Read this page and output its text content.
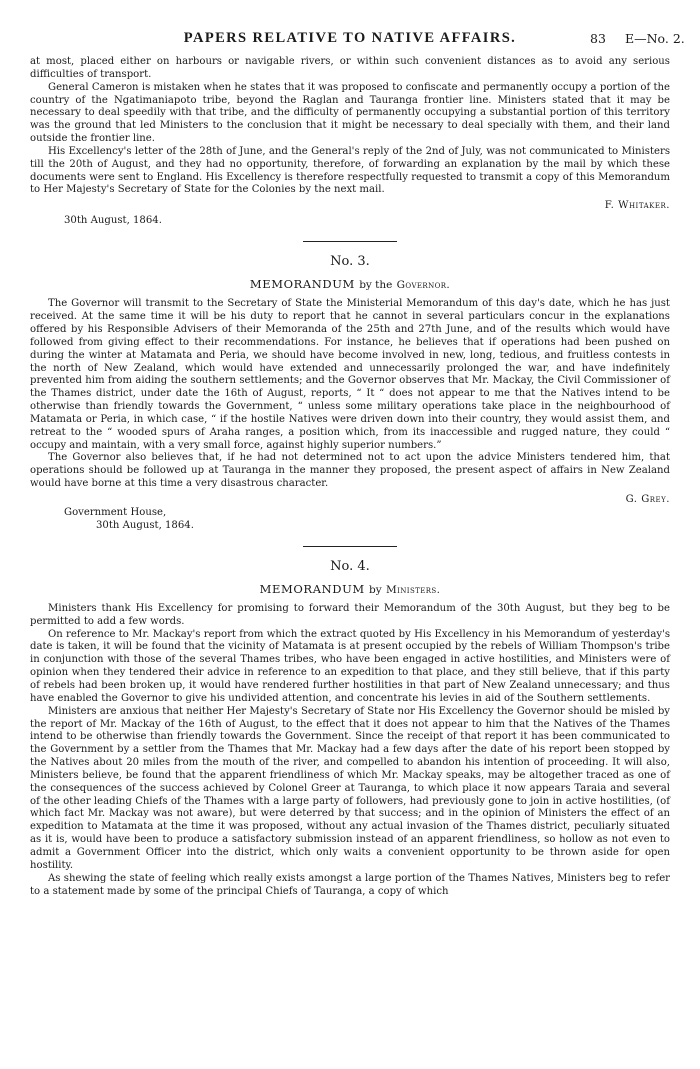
PAPERS RELATIVE TO NATIVE AFFAIRS.	83 E—No. 2.

at most, placed either on harbours or navigable rivers, or within such convenient distances as to avoid any serious difficulties of transport.

General Cameron is mistaken when he states that it was proposed to confiscate and permanently occupy a portion of the country of the Ngatimaniapoto tribe, beyond the Raglan and Tauranga frontier line. Ministers stated that it may be necessary to deal speedily with that tribe, and the difficulty of permanently occupying a substantial portion of this territory was the ground that led Ministers to the conclusion that it might be necessary to deal specially with them, and their land outside the frontier line.

His Excellency's letter of the 28th of June, and the General's reply of the 2nd of July, was not communicated to Ministers till the 20th of August, and they had no opportunity, therefore, of forwarding an explanation by the mail by which these documents were sent to England. His Excellency is therefore respectfully requested to transmit a copy of this Memorandum to Her Majesty's Secretary of State for the Colonies by the next mail.

F. Whitaker.
30th August, 1864.
No. 3.
MEMORANDUM by the Governor.

The Governor will transmit to the Secretary of State the Ministerial Memorandum of this day's date, which he has just received. At the same time it will be his duty to report that he cannot in several particulars concur in the explanations offered by his Responsible Advisers of their Memoranda of the 25th and 27th June, and of the results which would have followed from giving effect to their recommendations. For instance, he believes that if operations had been pushed on during the winter at Matamata and Peria, we should have become involved in new, long, tedious, and fruitless contests in the north of New Zealand, which would have extended and unnecessarily prolonged the war, and have indefinitely prevented him from aiding the southern settlements; and the Governor observes that Mr. Mackay, the Civil Commissioner of the Thames district, under date the 16th of August, reports, “ It “ does not appear to me that the Natives intend to be otherwise than friendly towards the Government, “ unless some military operations take place in the neighbourhood of Matamata or Peria, in which case, “ if the hostile Natives were driven down into their country, they would assist them, and retreat to the “ wooded spurs of Araha ranges, a position which, from its inaccessible and rugged nature, they could “ occupy and maintain, with a very small force, against highly superior numbers.”

The Governor also believes that, if he had not determined not to act upon the advice Ministers tendered him, that operations should be followed up at Tauranga in the manner they proposed, the present aspect of affairs in New Zealand would have borne at this time a very disastrous character.

G. Grey.
Government House,
30th August, 1864.
No. 4.
MEMORANDUM by Ministers.

Ministers thank His Excellency for promising to forward their Memorandum of the 30th August, but they beg to be permitted to add a few words.

On reference to Mr. Mackay's report from which the extract quoted by His Excellency in his Memorandum of yesterday's date is taken, it will be found that the vicinity of Matamata is at present occupied by the rebels of William Thompson's tribe in conjunction with those of the several Thames tribes, who have been engaged in active hostilities, and Ministers were of opinion when they tendered their advice in reference to an expedition to that place, and they still believe, that if this party of rebels had been broken up, it would have rendered further hostilities in that part of New Zealand unnecessary; and thus have enabled the Governor to give his undivided attention, and concentrate his levies in aid of the Southern settlements.

Ministers are anxious that neither Her Majesty's Secretary of State nor His Excellency the Governor should be misled by the report of Mr. Mackay of the 16th of August, to the effect that it does not appear to him that the Natives of the Thames intend to be otherwise than friendly towards the Government. Since the receipt of that report it has been communicated to the Government by a settler from the Thames that Mr. Mackay had a few days after the date of his report been stopped by the Natives about 20 miles from the mouth of the river, and compelled to abandon his intention of proceeding. It will also, Ministers believe, be found that the apparent friendliness of which Mr. Mackay speaks, may be altogether traced as one of the consequences of the success achieved by Colonel Greer at Tauranga, to which place it now appears Taraia and several of the other leading Chiefs of the Thames with a large party of followers, had previously gone to join in active hostilities, (of which fact Mr. Mackay was not aware), but were deterred by that success; and in the opinion of Ministers the effect of an expedition to Matamata at the time it was proposed, without any actual invasion of the Thames district, peculiarly situated as it is, would have been to produce a satisfactory submission instead of an apparent friendliness, so hollow as not even to admit a Government Officer into the district, which only waits a convenient opportunity to be thrown aside for open hostility.

As shewing the state of feeling which really exists amongst a large portion of the Thames Natives, Ministers beg to refer to a statement made by some of the principal Chiefs of Tauranga, a copy of which
